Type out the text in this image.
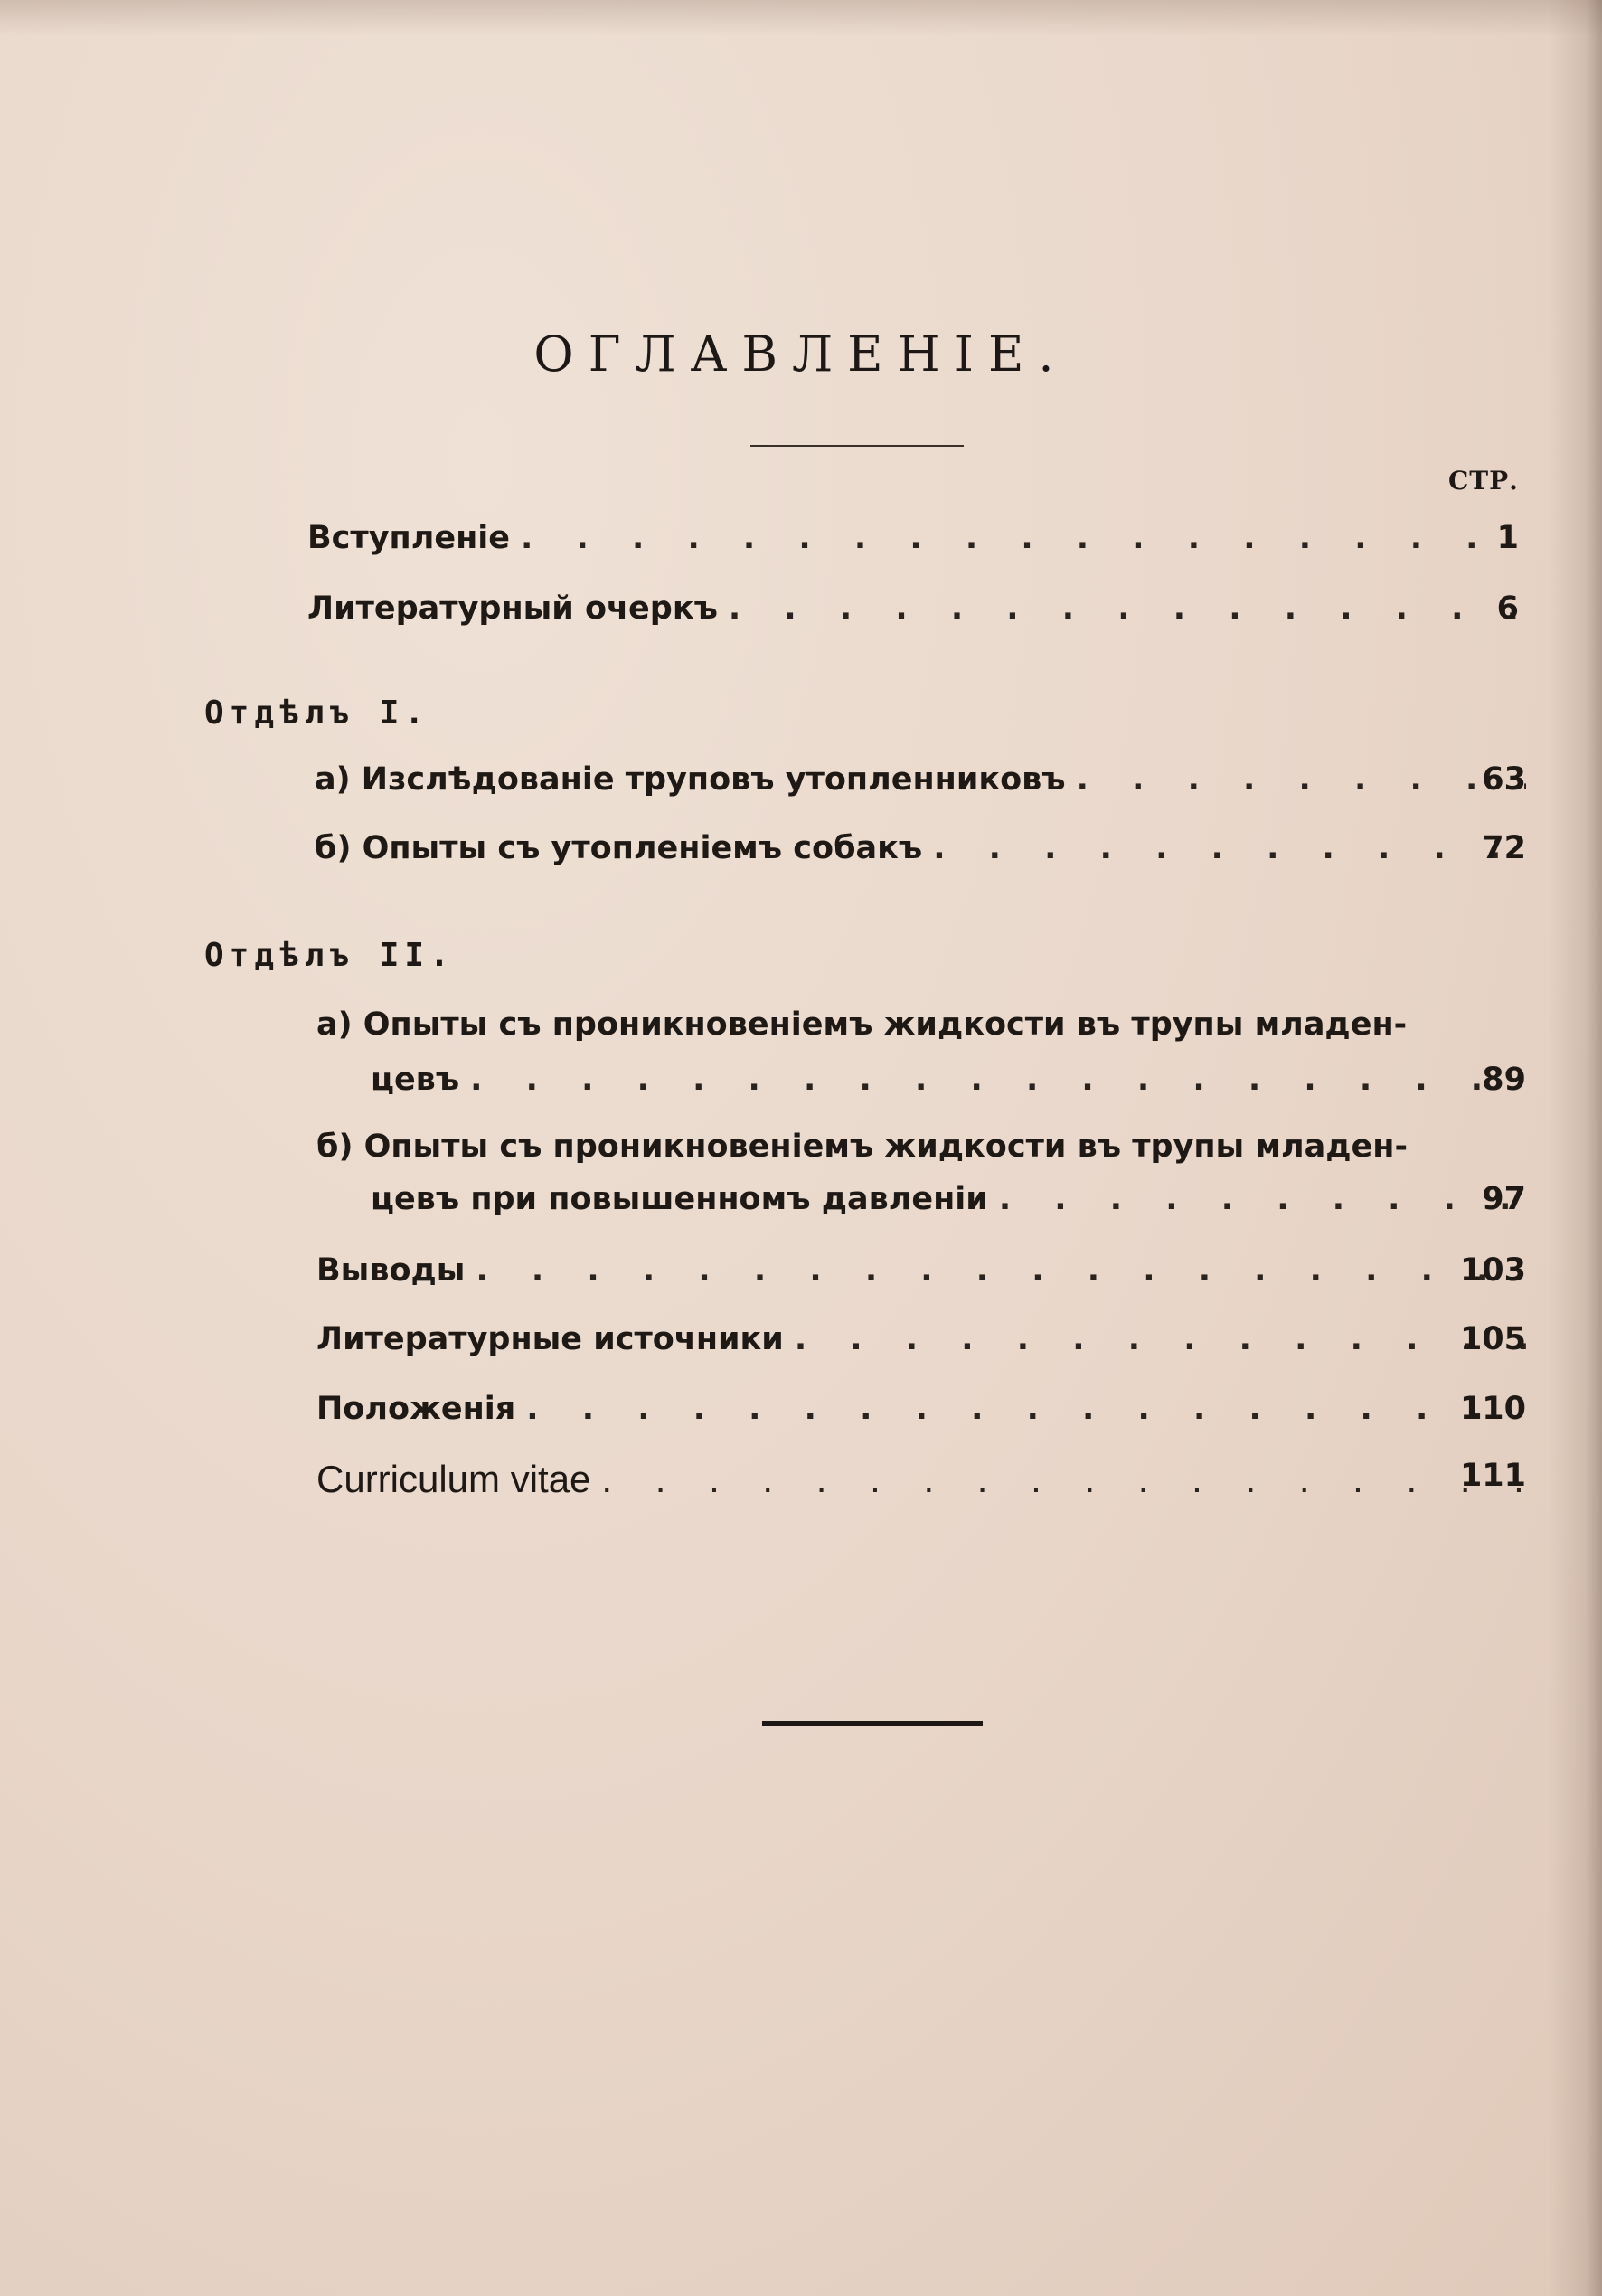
ОГЛАВЛЕНIЕ.
СТР.
Вступленіе . . .	1
Литературный очеркъ . . .	6
Отдѣлъ I.
а) Изслѣдованіе труповъ утопленниковъ . . .	63
б) Опыты съ утопленіемъ собакъ . . .	72
Отдѣлъ II.
а) Опыты съ проникновеніемъ жидкости въ трупы младен-
цевъ . . .	89
б) Опыты съ проникновеніемъ жидкости въ трупы младен-
цевъ при повышенномъ давленіи . . .	97
Выводы . . .	103
Литературные источники . . .	105
Положенія . . .	110
Curriculum vitae . . .	111
